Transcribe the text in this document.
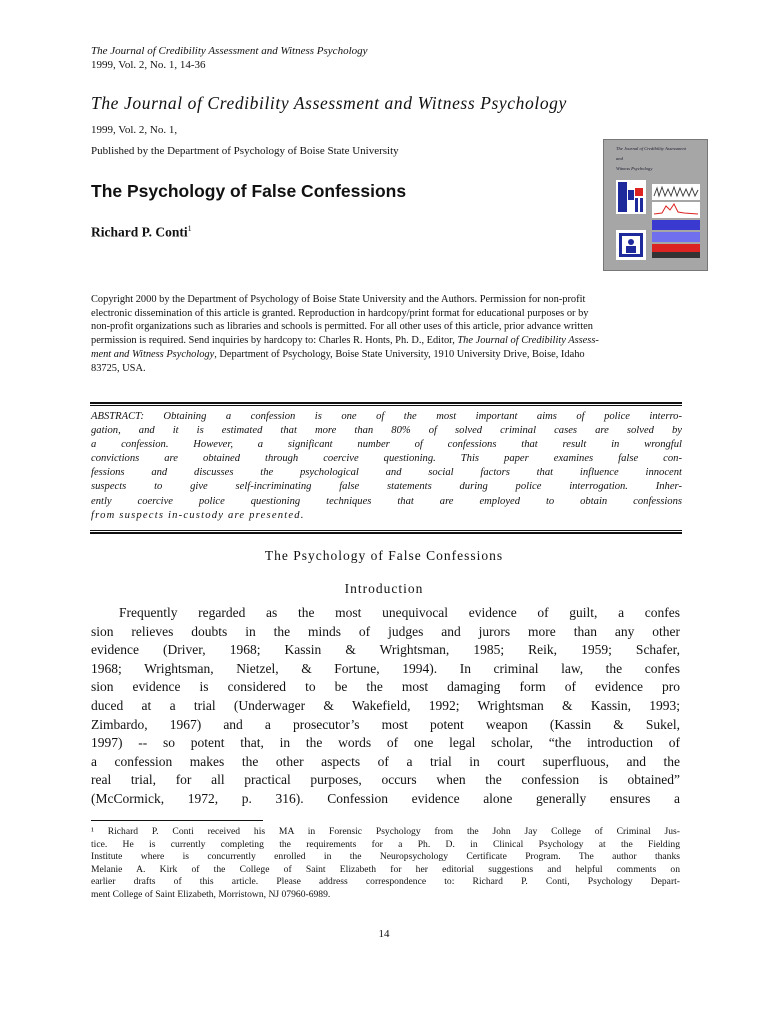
The Journal of Credibility Assessment and Witness Psychology
1999, Vol. 2, No. 1, 14-36
The Journal of Credibility Assessment and Witness Psychology
1999, Vol. 2, No. 1,
Published by the Department of Psychology of Boise State University
The Psychology of False Confessions
Richard P. Conti$^1$
The Journal of Credibility Assessment
and
Witness Psychology
Copyright 2000 by the Department of Psychology of Boise State University and the Authors. Permission for non-profit
electronic dissemination of this article is granted. Reproduction in hardcopy/print format for educational purposes or by
non-profit organizations such as libraries and schools is permitted. For all other uses of this article, prior advance written
permission is required. Send inquiries by hardcopy to: Charles R. Honts, Ph. D., Editor, The Journal of Credibility Assess-
ment and Witness Psychology, Department of Psychology, Boise State University, 1910 University Drive, Boise, Idaho
83725, USA.
ABSTRACT: Obtaining a confession is one of the most important aims of police interro-
gation, and it is estimated that more than 80% of solved criminal cases are solved by
a confession. However, a significant number of confessions that result in wrongful
convictions are obtained through coercive questioning. This paper examines false con-
fessions and discusses the psychological and social factors that influence innocent
suspects to give self-incriminating false statements during police interrogation. Inher-
ently coercive police questioning techniques that are employed to obtain confessions
from suspects in-custody are presented.
The Psychology of False Confessions
Introduction
Frequently regarded as the most unequivocal evidence of guilt, a confes
sion relieves doubts in the minds of judges and jurors more than any other
evidence (Driver, 1968; Kassin & Wrightsman, 1985; Reik, 1959; Schafer,
1968; Wrightsman, Nietzel, & Fortune, 1994). In criminal law, the confes
sion evidence is considered to be the most damaging form of evidence pro
duced at a trial (Underwager & Wakefield, 1992; Wrightsman & Kassin, 1993;
Zimbardo, 1967) and a prosecutor’s most potent weapon (Kassin & Sukel,
1997) -- so potent that, in the words of one legal scholar, “the introduction of
a confession makes the other aspects of a trial in court superfluous, and the
real trial, for all practical purposes, occurs when the confession is obtained”
(McCormick, 1972, p. 316). Confession evidence alone generally ensures a
¹ Richard P. Conti received his MA in Forensic Psychology from the John Jay College of Criminal Jus-
tice. He is currently completing the requirements for a Ph. D. in Clinical Psychology at the Fielding
Institute where is concurrently enrolled in the Neuropsychology Certificate Program. The author thanks
Melanie A. Kirk of the College of Saint Elizabeth for her editorial suggestions and helpful comments on
earlier drafts of this article. Please address correspondence to: Richard P. Conti, Psychology Depart-
ment College of Saint Elizabeth, Morristown, NJ 07960-6989.
14
